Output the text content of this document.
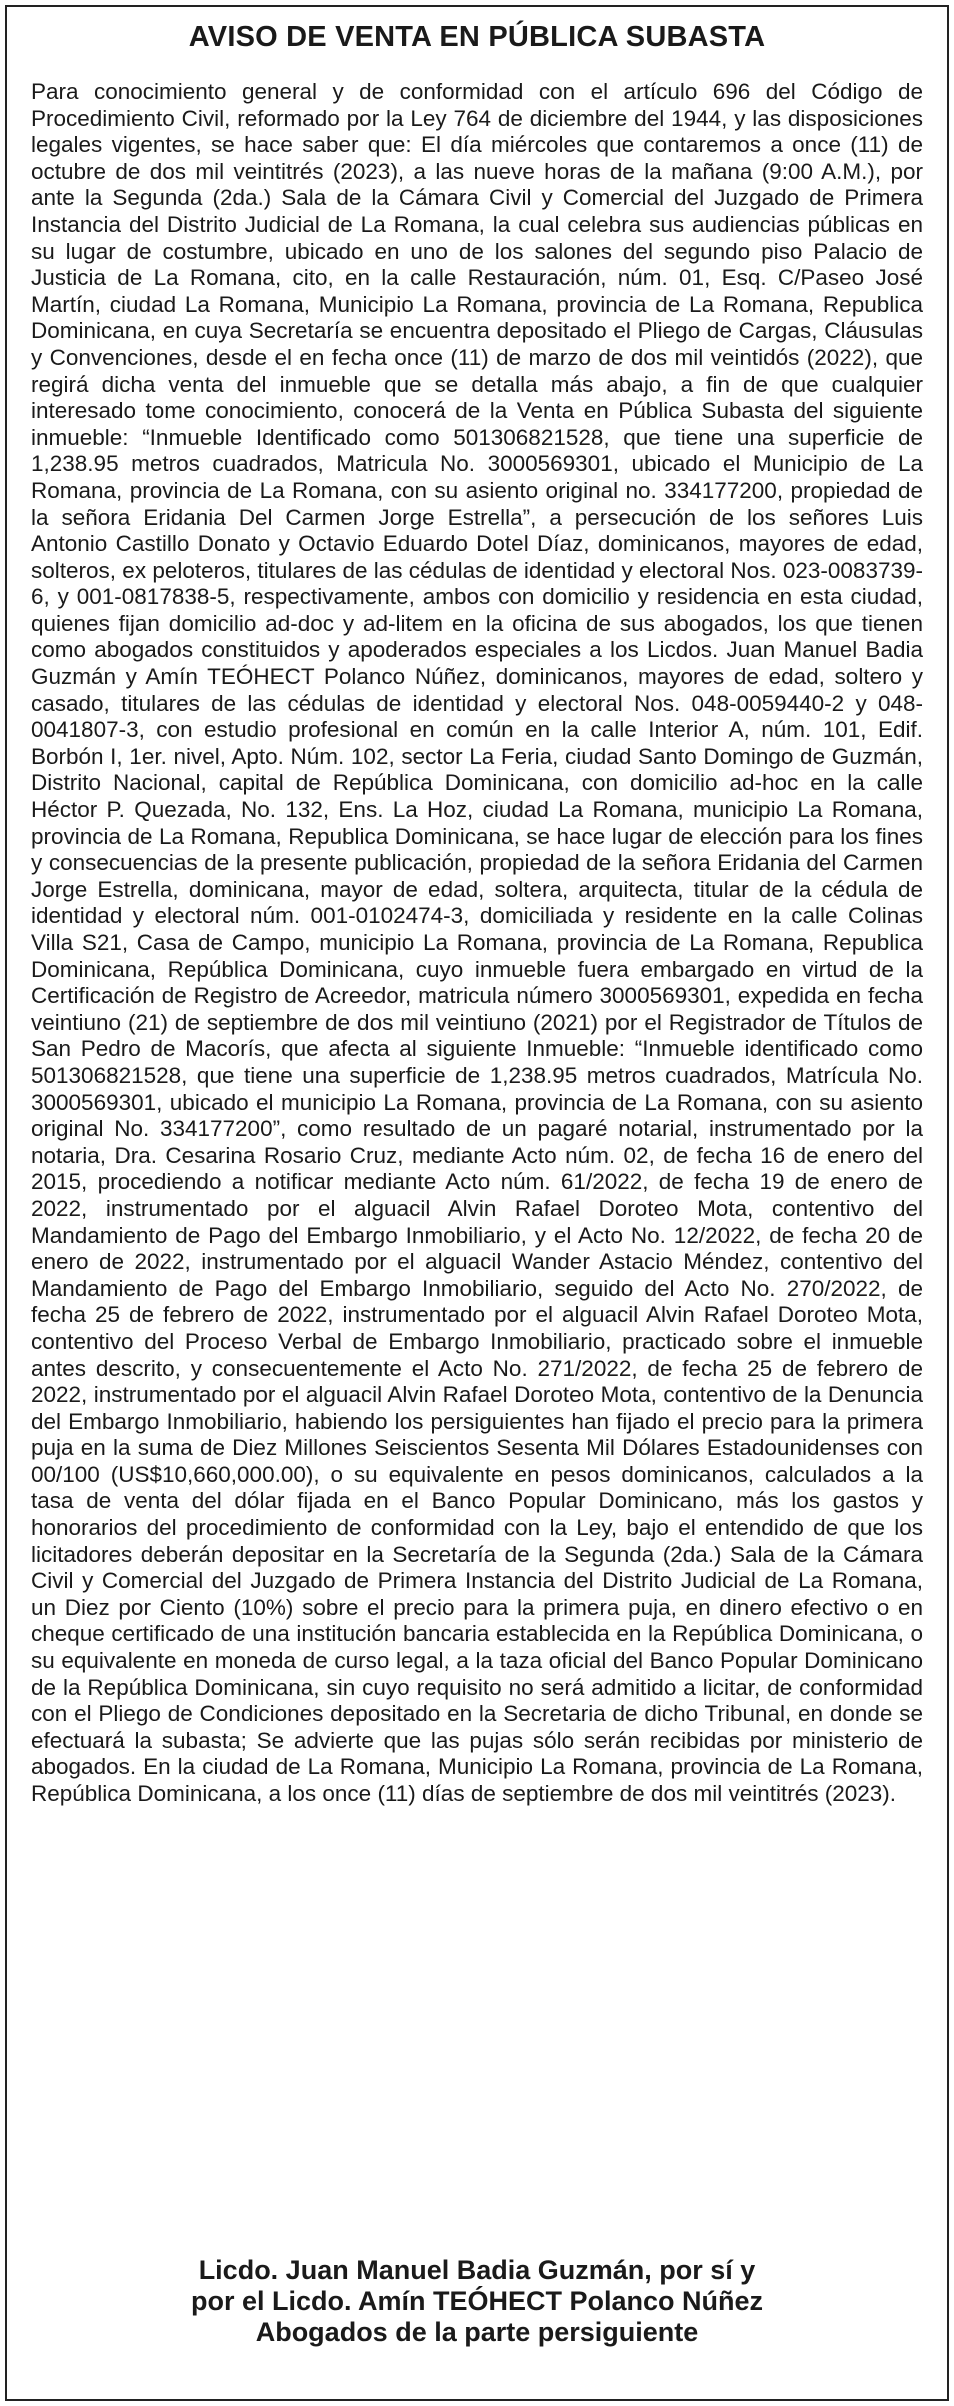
AVISO DE VENTA EN PÚBLICA SUBASTA

Para conocimiento general y de conformidad con el artículo 696 del Código de Procedimiento Civil, reformado por la Ley 764 de diciembre del 1944, y las disposiciones legales vigentes, se hace saber que: El día miércoles que contaremos a once (11) de octubre de dos mil veintitrés (2023), a las nueve horas de la mañana (9:00 A.M.), por ante la Segunda (2da.) Sala de la Cámara Civil y Comercial del Juzgado de Primera Instancia del Distrito Judicial de La Romana, la cual celebra sus audiencias públicas en su lugar de costumbre, ubicado en uno de los salones del segundo piso Palacio de Justicia de La Romana, cito, en la calle Restauración, núm. 01, Esq. C/Paseo José Martín, ciudad La Romana, Municipio La Romana, provincia de La Romana, Republica Dominicana, en cuya Secretaría se encuentra depositado el Pliego de Cargas, Cláusulas y Convenciones, desde el en fecha once (11) de marzo de dos mil veintidós (2022), que regirá dicha venta del inmueble que se detalla más abajo, a fin de que cualquier interesado tome conocimiento, conocerá de la Venta en Pública Subasta del siguiente inmueble: “Inmueble Identificado como 501306821528, que tiene una superficie de 1,238.95 metros cuadrados, Matricula No. 3000569301, ubicado el Municipio de La Romana, provincia de La Romana, con su asiento original no. 334177200, propiedad de la señora Eridania Del Carmen Jorge Estrella”, a persecución de los señores Luis Antonio Castillo Donato y Octavio Eduardo Dotel Díaz, dominicanos, mayores de edad, solteros, ex peloteros, titulares de las cédulas de identidad y electoral Nos. 023-0083739-6, y 001-0817838-5, respectivamente, ambos con domicilio y residencia en esta ciudad, quienes fijan domicilio ad-doc y ad-litem en la oficina de sus abogados, los que tienen como abogados constituidos y apoderados especiales a los Licdos. Juan Manuel Badia Guzmán y Amín TEÓHECT Polanco Núñez, dominicanos, mayores de edad, soltero y casado, titulares de las cédulas de identidad y electoral Nos. 048-0059440-2 y 048-0041807-3, con estudio profesional en común en la calle Interior A, núm. 101, Edif. Borbón I, 1er. nivel, Apto. Núm. 102, sector La Feria, ciudad Santo Domingo de Guzmán, Distrito Nacional, capital de República Dominicana, con domicilio ad-hoc en la calle Héctor P. Quezada, No. 132, Ens. La Hoz, ciudad La Romana, municipio La Romana, provincia de La Romana, Republica Dominicana, se hace lugar de elección para los fines y consecuencias de la presente publicación, propiedad de la señora Eridania del Carmen Jorge Estrella, dominicana, mayor de edad, soltera, arquitecta, titular de la cédula de identidad y electoral núm. 001-0102474-3, domiciliada y residente en la calle Colinas Villa S21, Casa de Campo, municipio La Romana, provincia de La Romana, Republica Dominicana, República Dominicana, cuyo inmueble fuera embargado en virtud de la Certificación de Registro de Acreedor, matricula número 3000569301, expedida en fecha veintiuno (21) de septiembre de dos mil veintiuno (2021) por el Registrador de Títulos de San Pedro de Macorís, que afecta al siguiente Inmueble: “Inmueble identificado como 501306821528, que tiene una superficie de 1,238.95 metros cuadrados, Matrícula No. 3000569301, ubicado el municipio La Romana, provincia de La Romana, con su asiento original No. 334177200”, como resultado de un pagaré notarial, instrumentado por la notaria, Dra. Cesarina Rosario Cruz, mediante Acto núm. 02, de fecha 16 de enero del 2015, procediendo a notificar mediante Acto núm. 61/2022, de fecha 19 de enero de 2022, instrumentado por el alguacil Alvin Rafael Doroteo Mota, contentivo del Mandamiento de Pago del Embargo Inmobiliario, y el Acto No. 12/2022, de fecha 20 de enero de 2022, instrumentado por el alguacil Wander Astacio Méndez, contentivo del Mandamiento de Pago del Embargo Inmobiliario, seguido del Acto No. 270/2022, de fecha 25 de febrero de 2022, instrumentado por el alguacil Alvin Rafael Doroteo Mota, contentivo del Proceso Verbal de Embargo Inmobiliario, practicado sobre el inmueble antes descrito, y consecuentemente el Acto No. 271/2022, de fecha 25 de febrero de 2022, instrumentado por el alguacil Alvin Rafael Doroteo Mota, contentivo de la Denuncia del Embargo Inmobiliario, habiendo los persiguientes han fijado el precio para la primera puja en la suma de Diez Millones Seiscientos Sesenta Mil Dólares Estadounidenses con 00/100 (US$10,660,000.00), o su equivalente en pesos dominicanos, calculados a la tasa de venta del dólar fijada en el Banco Popular Dominicano, más los gastos y honorarios del procedimiento de conformidad con la Ley, bajo el entendido de que los licitadores deberán depositar en la Secretaría de la Segunda (2da.) Sala de la Cámara Civil y Comercial del Juzgado de Primera Instancia del Distrito Judicial de La Romana, un Diez por Ciento (10%) sobre el precio para la primera puja, en dinero efectivo o en cheque certificado de una institución bancaria establecida en la República Dominicana, o su equivalente en moneda de curso legal, a la taza oficial del Banco Popular Dominicano de la República Dominicana, sin cuyo requisito no será admitido a licitar, de conformidad con el Pliego de Condiciones depositado en la Secretaria de dicho Tribunal, en donde se efectuará la subasta; Se advierte que las pujas sólo serán recibidas por ministerio de abogados. En la ciudad de La Romana, Municipio La Romana, provincia de La Romana, República Dominicana, a los once (11) días de septiembre de dos mil veintitrés (2023).

Licdo. Juan Manuel Badia Guzmán, por sí y
por el Licdo. Amín TEÓHECT Polanco Núñez
Abogados de la parte persiguiente
